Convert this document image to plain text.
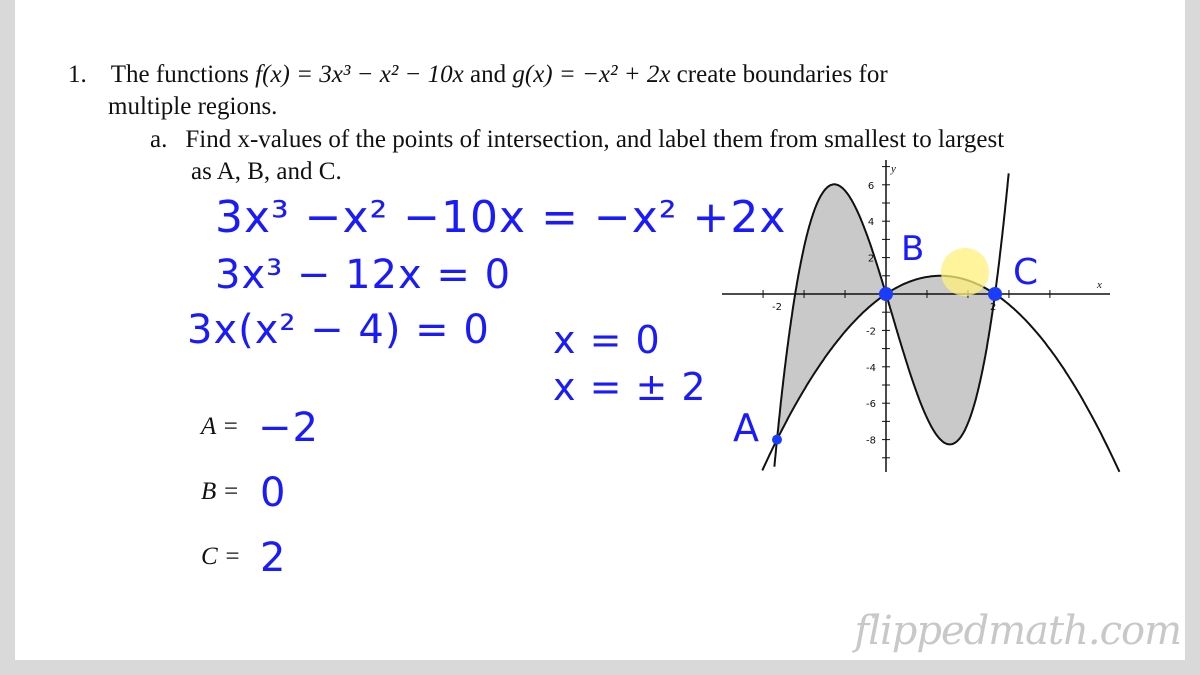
1. The functions f(x) = 3x³ − x² − 10x and g(x) = −x² + 2x create boundaries for
multiple regions.
a. Find x-values of the points of intersection, and label them from smallest to largest
as A, B, and C.
3x³ −x² −10x = −x² +2x
3x³ − 12x = 0
3x(x² − 4) = 0 x = 0
x = ± 2
A = −2
B = 0
C = 2
x
y
-2	2
6
4
2
-2
-4
-6
-8
A
B
C
flippedmath.com
